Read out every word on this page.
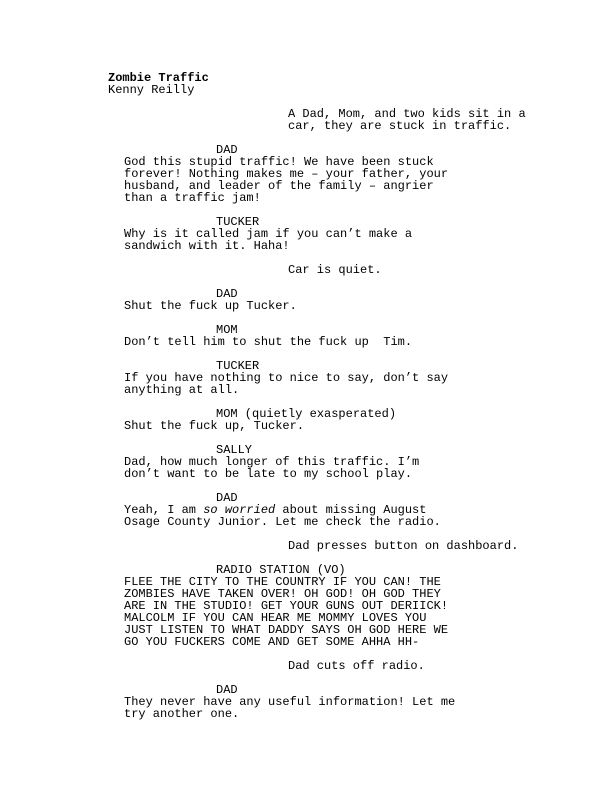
Zombie Traffic
Kenny Reilly
A Dad, Mom, and two kids sit in a
car, they are stuck in traffic.
DAD
God this stupid traffic! We have been stuck
forever! Nothing makes me – your father, your
husband, and leader of the family – angrier
than a traffic jam!
TUCKER
Why is it called jam if you can’t make a
sandwich with it. Haha!
Car is quiet.
DAD
Shut the fuck up Tucker.
MOM
Don’t tell him to shut the fuck up  Tim.
TUCKER
If you have nothing to nice to say, don’t say
anything at all.
MOM (quietly exasperated)
Shut the fuck up, Tucker.
SALLY
Dad, how much longer of this traffic. I’m
don’t want to be late to my school play.
DAD
Yeah, I am so worried about missing August
Osage County Junior. Let me check the radio.
Dad presses button on dashboard.
RADIO STATION (VO)
FLEE THE CITY TO THE COUNTRY IF YOU CAN! THE
ZOMBIES HAVE TAKEN OVER! OH GOD! OH GOD THEY
ARE IN THE STUDIO! GET YOUR GUNS OUT DERIICK!
MALCOLM IF YOU CAN HEAR ME MOMMY LOVES YOU
JUST LISTEN TO WHAT DADDY SAYS OH GOD HERE WE
GO YOU FUCKERS COME AND GET SOME AHHA HH-
Dad cuts off radio.
DAD
They never have any useful information! Let me
try another one.
